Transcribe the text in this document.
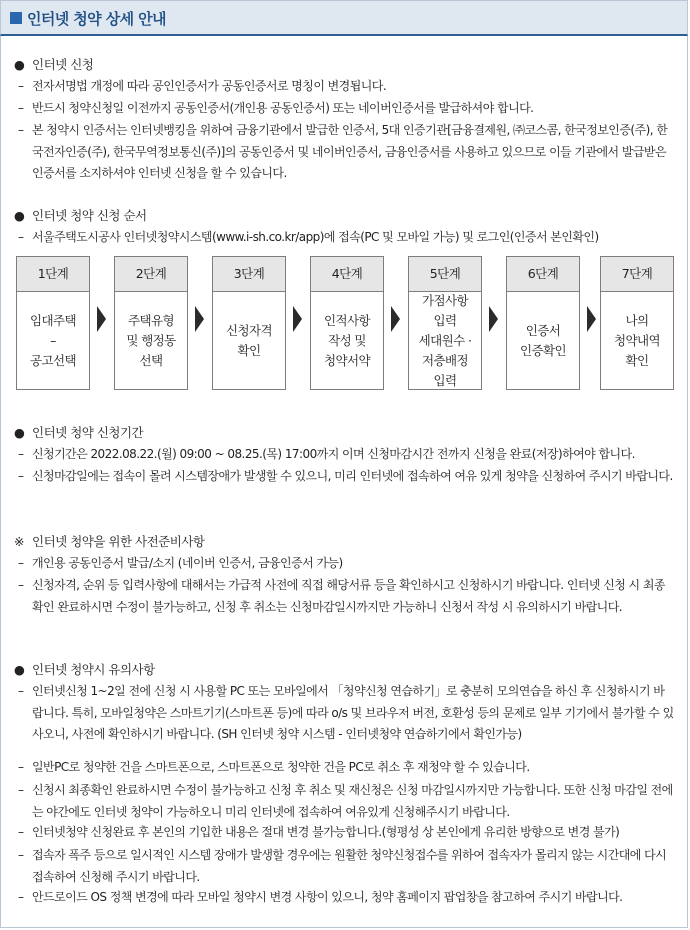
인터넷 청약 상세 안내
● 인터넷 신청
– 전자서명법 개정에 따라 공인인증서가 공동인증서로 명칭이 변경됩니다.
– 반드시 청약신청일 이전까지 공동인증서(개인용 공동인증서) 또는 네이버인증서를 발급하셔야 합니다.
– 본 청약시 인증서는 인터넷뱅킹을 위하여 금융기관에서 발급한 인증서, 5대 인증기관[금융결제원, ㈜코스콤, 한국정보인증(주), 한국전자인증(주), 한국무역정보통신(주)]의 공동인증서 및 네이버인증서, 금융인증서를 사용하고 있으므로 이들 기관에서 발급받은 인증서를 소지하셔야 인터넷 신청을 할 수 있습니다.
● 인터넷 청약 신청 순서
– 서울주택도시공사 인터넷청약시스템(www.i-sh.co.kr/app)에 접속(PC 및 모바일 가능) 및 로그인(인증서 본인확인)
1단계
임대주택
–
공고선택
2단계
주택유형
및 행정동
선택
3단계
신청자격
확인
4단계
인적사항
작성 및
청약서약
5단계
가점사항
입력
세대원수 ·
저층배정
입력
6단계
인증서
인증확인
7단계
나의
청약내역
확인
● 인터넷 청약 신청기간
– 신청기간은 2022.08.22.(월) 09:00 ~ 08.25.(목) 17:00까지 이며 신청마감시간 전까지 신청을 완료(저장)하여야 합니다.
– 신청마감일에는 접속이 몰려 시스템장애가 발생할 수 있으니, 미리 인터넷에 접속하여 여유 있게 청약을 신청하여 주시기 바랍니다.
※ 인터넷 청약을 위한 사전준비사항
– 개인용 공동인증서 발급/소지 (네이버 인증서, 금융인증서 가능)
– 신청자격, 순위 등 입력사항에 대해서는 가급적 사전에 직접 해당서류 등을 확인하시고 신청하시기 바랍니다. 인터넷 신청 시 최종확인 완료하시면 수정이 불가능하고, 신청 후 취소는 신청마감일시까지만 가능하니 신청서 작성 시 유의하시기 바랍니다.
● 인터넷 청약시 유의사항
– 인터넷신청 1~2일 전에 신청 시 사용할 PC 또는 모바일에서 「청약신청 연습하기」로 충분히 모의연습을 하신 후 신청하시기 바랍니다. 특히, 모바일청약은 스마트기기(스마트폰 등)에 따라 o/s 및 브라우저 버전, 호환성 등의 문제로 일부 기기에서 불가할 수 있사오니, 사전에 확인하시기 바랍니다. (SH 인터넷 청약 시스템 - 인터넷청약 연습하기에서 확인가능)
– 일반PC로 청약한 건을 스마트폰으로, 스마트폰으로 청약한 건을 PC로 취소 후 재청약 할 수 있습니다.
– 신청시 최종확인 완료하시면 수정이 불가능하고 신청 후 취소 및 재신청은 신청 마감일시까지만 가능합니다. 또한 신청 마감일 전에는 야간에도 인터넷 청약이 가능하오니 미리 인터넷에 접속하여 여유있게 신청해주시기 바랍니다.
– 인터넷청약 신청완료 후 본인의 기입한 내용은 절대 변경 불가능합니다.(형평성 상 본인에게 유리한 방향으로 변경 불가)
– 접속자 폭주 등으로 일시적인 시스템 장애가 발생할 경우에는 원활한 청약신청접수를 위하여 접속자가 몰리지 않는 시간대에 다시 접속하여 신청해 주시기 바랍니다.
– 안드로이드 OS 정책 변경에 따라 모바일 청약시 변경 사항이 있으니, 청약 홈페이지 팝업창을 참고하여 주시기 바랍니다.
